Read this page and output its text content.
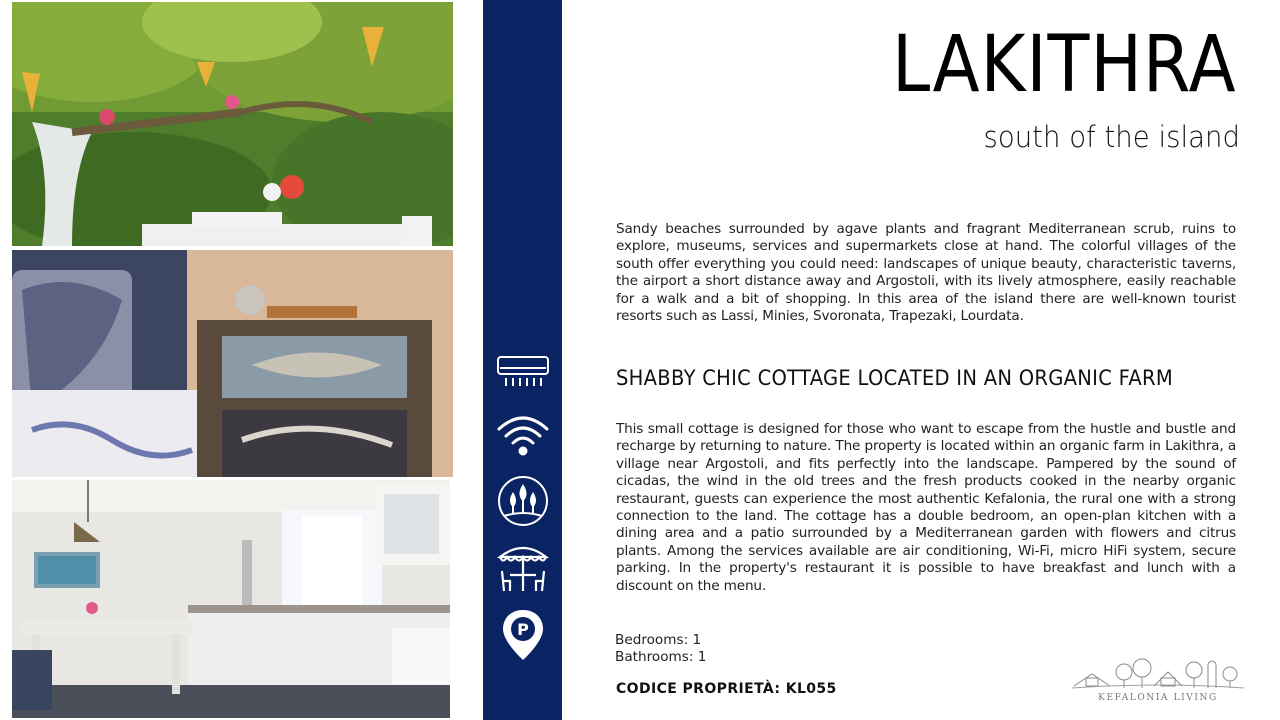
P
LAKITHRA

south of the island

Sandy beaches surrounded by agave plants and fragrant Mediterranean scrub, ruins to explore, museums, services and supermarkets close at hand. The colorful villages of the south offer everything you could need: landscapes of unique beauty, characteristic taverns, the airport a short distance away and Argostoli, with its lively atmosphere, easily reachable for a walk and a bit of shopping. In this area of the island there are well-known tourist resorts such as Lassi, Minies, Svoronata, Trapezaki, Lourdata.

SHABBY CHIC COTTAGE LOCATED IN AN ORGANIC FARM

This small cottage is designed for those who want to escape from the hustle and bustle and recharge by returning to nature. The property is located within an organic farm in Lakithra, a village near Argostoli, and fits perfectly into the landscape. Pampered by the sound of cicadas, the wind in the old trees and the fresh products cooked in the nearby organic restaurant, guests can experience the most authentic Kefalonia, the rural one with a strong connection to the land. The cottage has a double bedroom, an open-plan kitchen with a dining area and a patio surrounded by a Mediterranean garden with flowers and citrus plants. Among the services available are air conditioning, Wi-Fi, micro HiFi system, secure parking. In the property's restaurant it is possible to have breakfast and lunch with a discount on the menu.

Bedrooms: 1
Bathrooms: 1

CODICE PROPRIETÀ: KL055

KEFALONIA LIVING
